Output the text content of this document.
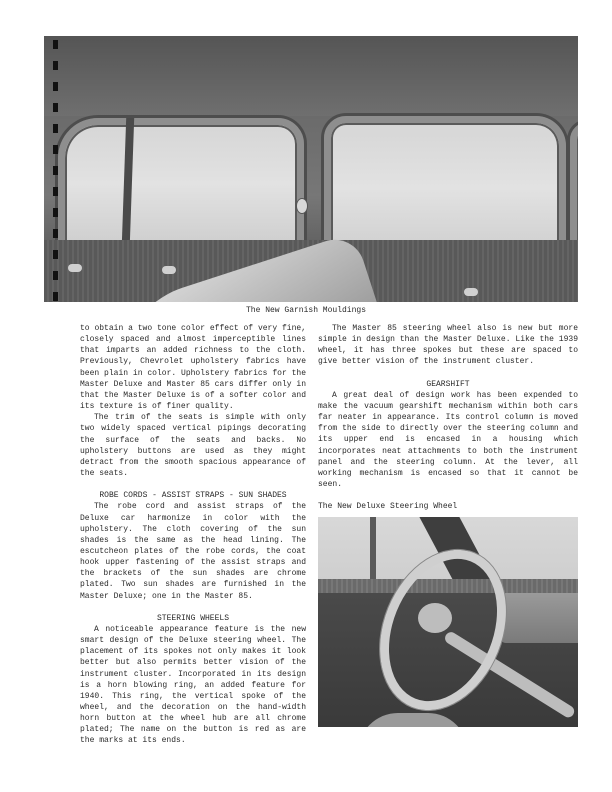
The New Garnish Mouldings

to obtain a two tone color effect of very fine, closely spaced and almost imperceptible lines that imparts an added richness to the cloth. Previously, Chevrolet upholstery fabrics have been plain in color. Upholstery fabrics for the Master Deluxe and Master 85 cars differ only in that the Master Deluxe is of a softer color and its texture is of finer quality.

The trim of the seats is simple with only two widely spaced vertical pipings decorating the surface of the seats and backs. No upholstery buttons are used as they might detract from the smooth spacious appearance of the seats.

ROBE CORDS - ASSIST STRAPS - SUN SHADES

The robe cord and assist straps of the Deluxe car harmonize in color with the upholstery. The cloth covering of the sun shades is the same as the head lining. The escutcheon plates of the robe cords, the coat hook upper fastening of the assist straps and the brackets of the sun shades are chrome plated. Two sun shades are furnished in the Master Deluxe; one in the Master 85.

STEERING WHEELS

A noticeable appearance feature is the new smart design of the Deluxe steering wheel. The placement of its spokes not only makes it look better but also permits better vision of the instrument cluster. Incorporated in its design is a horn blowing ring, an added feature for 1940. This ring, the vertical spoke of the wheel, and the decoration on the hand-width horn button at the wheel hub are all chrome plated; The name on the button is red as are the marks at its ends.

The Master 85 steering wheel also is new but more simple in design than the Master Deluxe. Like the 1939 wheel, it has three spokes but these are spaced to give better vision of the instrument cluster.

GEARSHIFT

A great deal of design work has been expended to make the vacuum gearshift mechanism within both cars far neater in appearance. Its control column is moved from the side to directly over the steering column and its upper end is encased in a housing which incorporates neat attachments to both the instrument panel and the steering column. At the lever, all working mechanism is encased so that it cannot be seen.

The New Deluxe Steering Wheel
